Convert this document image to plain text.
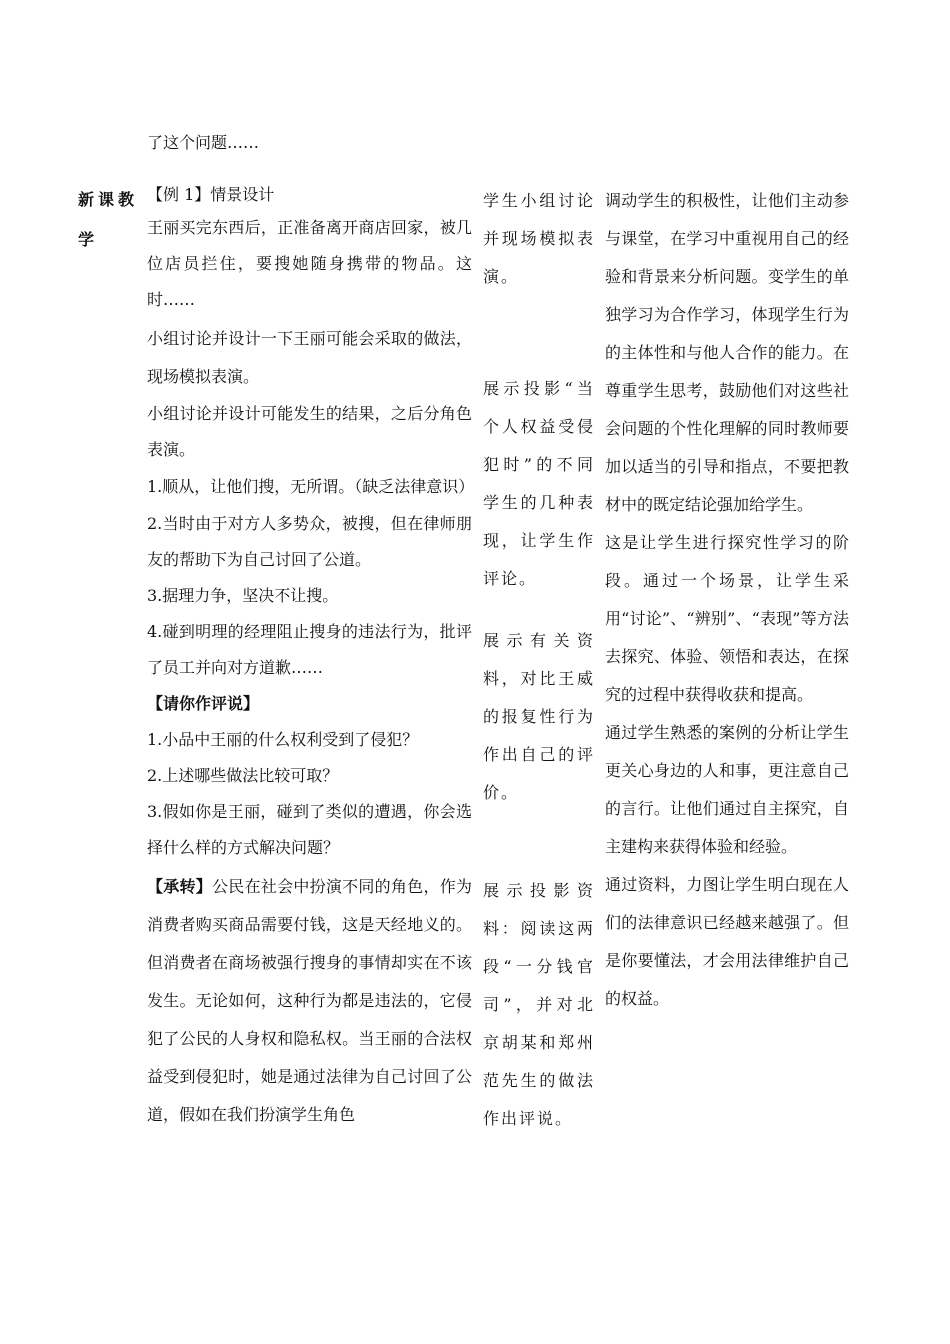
了这个问题……
新课教学

【例 1】情景设计

王丽买完东西后，正准备离开商店回家，被几位店员拦住，要搜她随身携带的物品。这时……

小组讨论并设计一下王丽可能会采取的做法，现场模拟表演。

小组讨论并设计可能发生的结果，之后分角色表演。

1.顺从，让他们搜，无所谓。（缺乏法律意识）

2.当时由于对方人多势众，被搜，但在律师朋友的帮助下为自己讨回了公道。

3.据理力争，坚决不让搜。

4.碰到明理的经理阻止搜身的违法行为，批评了员工并向对方道歉……

【请你作评说】

1.小品中王丽的什么权利受到了侵犯？

2.上述哪些做法比较可取？

3.假如你是王丽，碰到了类似的遭遇，你会选择什么样的方式解决问题？

【承转】公民在社会中扮演不同的角色，作为消费者购买商品需要付钱，这是天经地义的。但消费者在商场被强行搜身的事情却实在不该发生。无论如何，这种行为都是违法的，它侵犯了公民的人身权和隐私权。当王丽的合法权益受到侵犯时，她是通过法律为自己讨回了公道，假如在我们扮演学生角色

学生小组讨论并现场模拟表演。

展示投影“当个人权益受侵犯时”的不同学生的几种表现，让学生作评论。

展示有关资料，对比王威的报复性行为作出自己的评价。

展示投影资料：阅读这两段“一分钱官司”，并对北京胡某和郑州范先生的做法作出评说。

调动学生的积极性，让他们主动参与课堂，在学习中重视用自己的经验和背景来分析问题。变学生的单独学习为合作学习，体现学生行为的主体性和与他人合作的能力。在尊重学生思考，鼓励他们对这些社会问题的个性化理解的同时教师要加以适当的引导和指点，不要把教材中的既定结论强加给学生。

这是让学生进行探究性学习的阶段。通过一个场景，让学生采用“讨论”、“辨别”、“表现”等方法去探究、体验、领悟和表达，在探究的过程中获得收获和提高。

通过学生熟悉的案例的分析让学生更关心身边的人和事，更注意自己的言行。让他们通过自主探究，自主建构来获得体验和经验。

通过资料，力图让学生明白现在人们的法律意识已经越来越强了。但是你要懂法，才会用法律维护自己的权益。
